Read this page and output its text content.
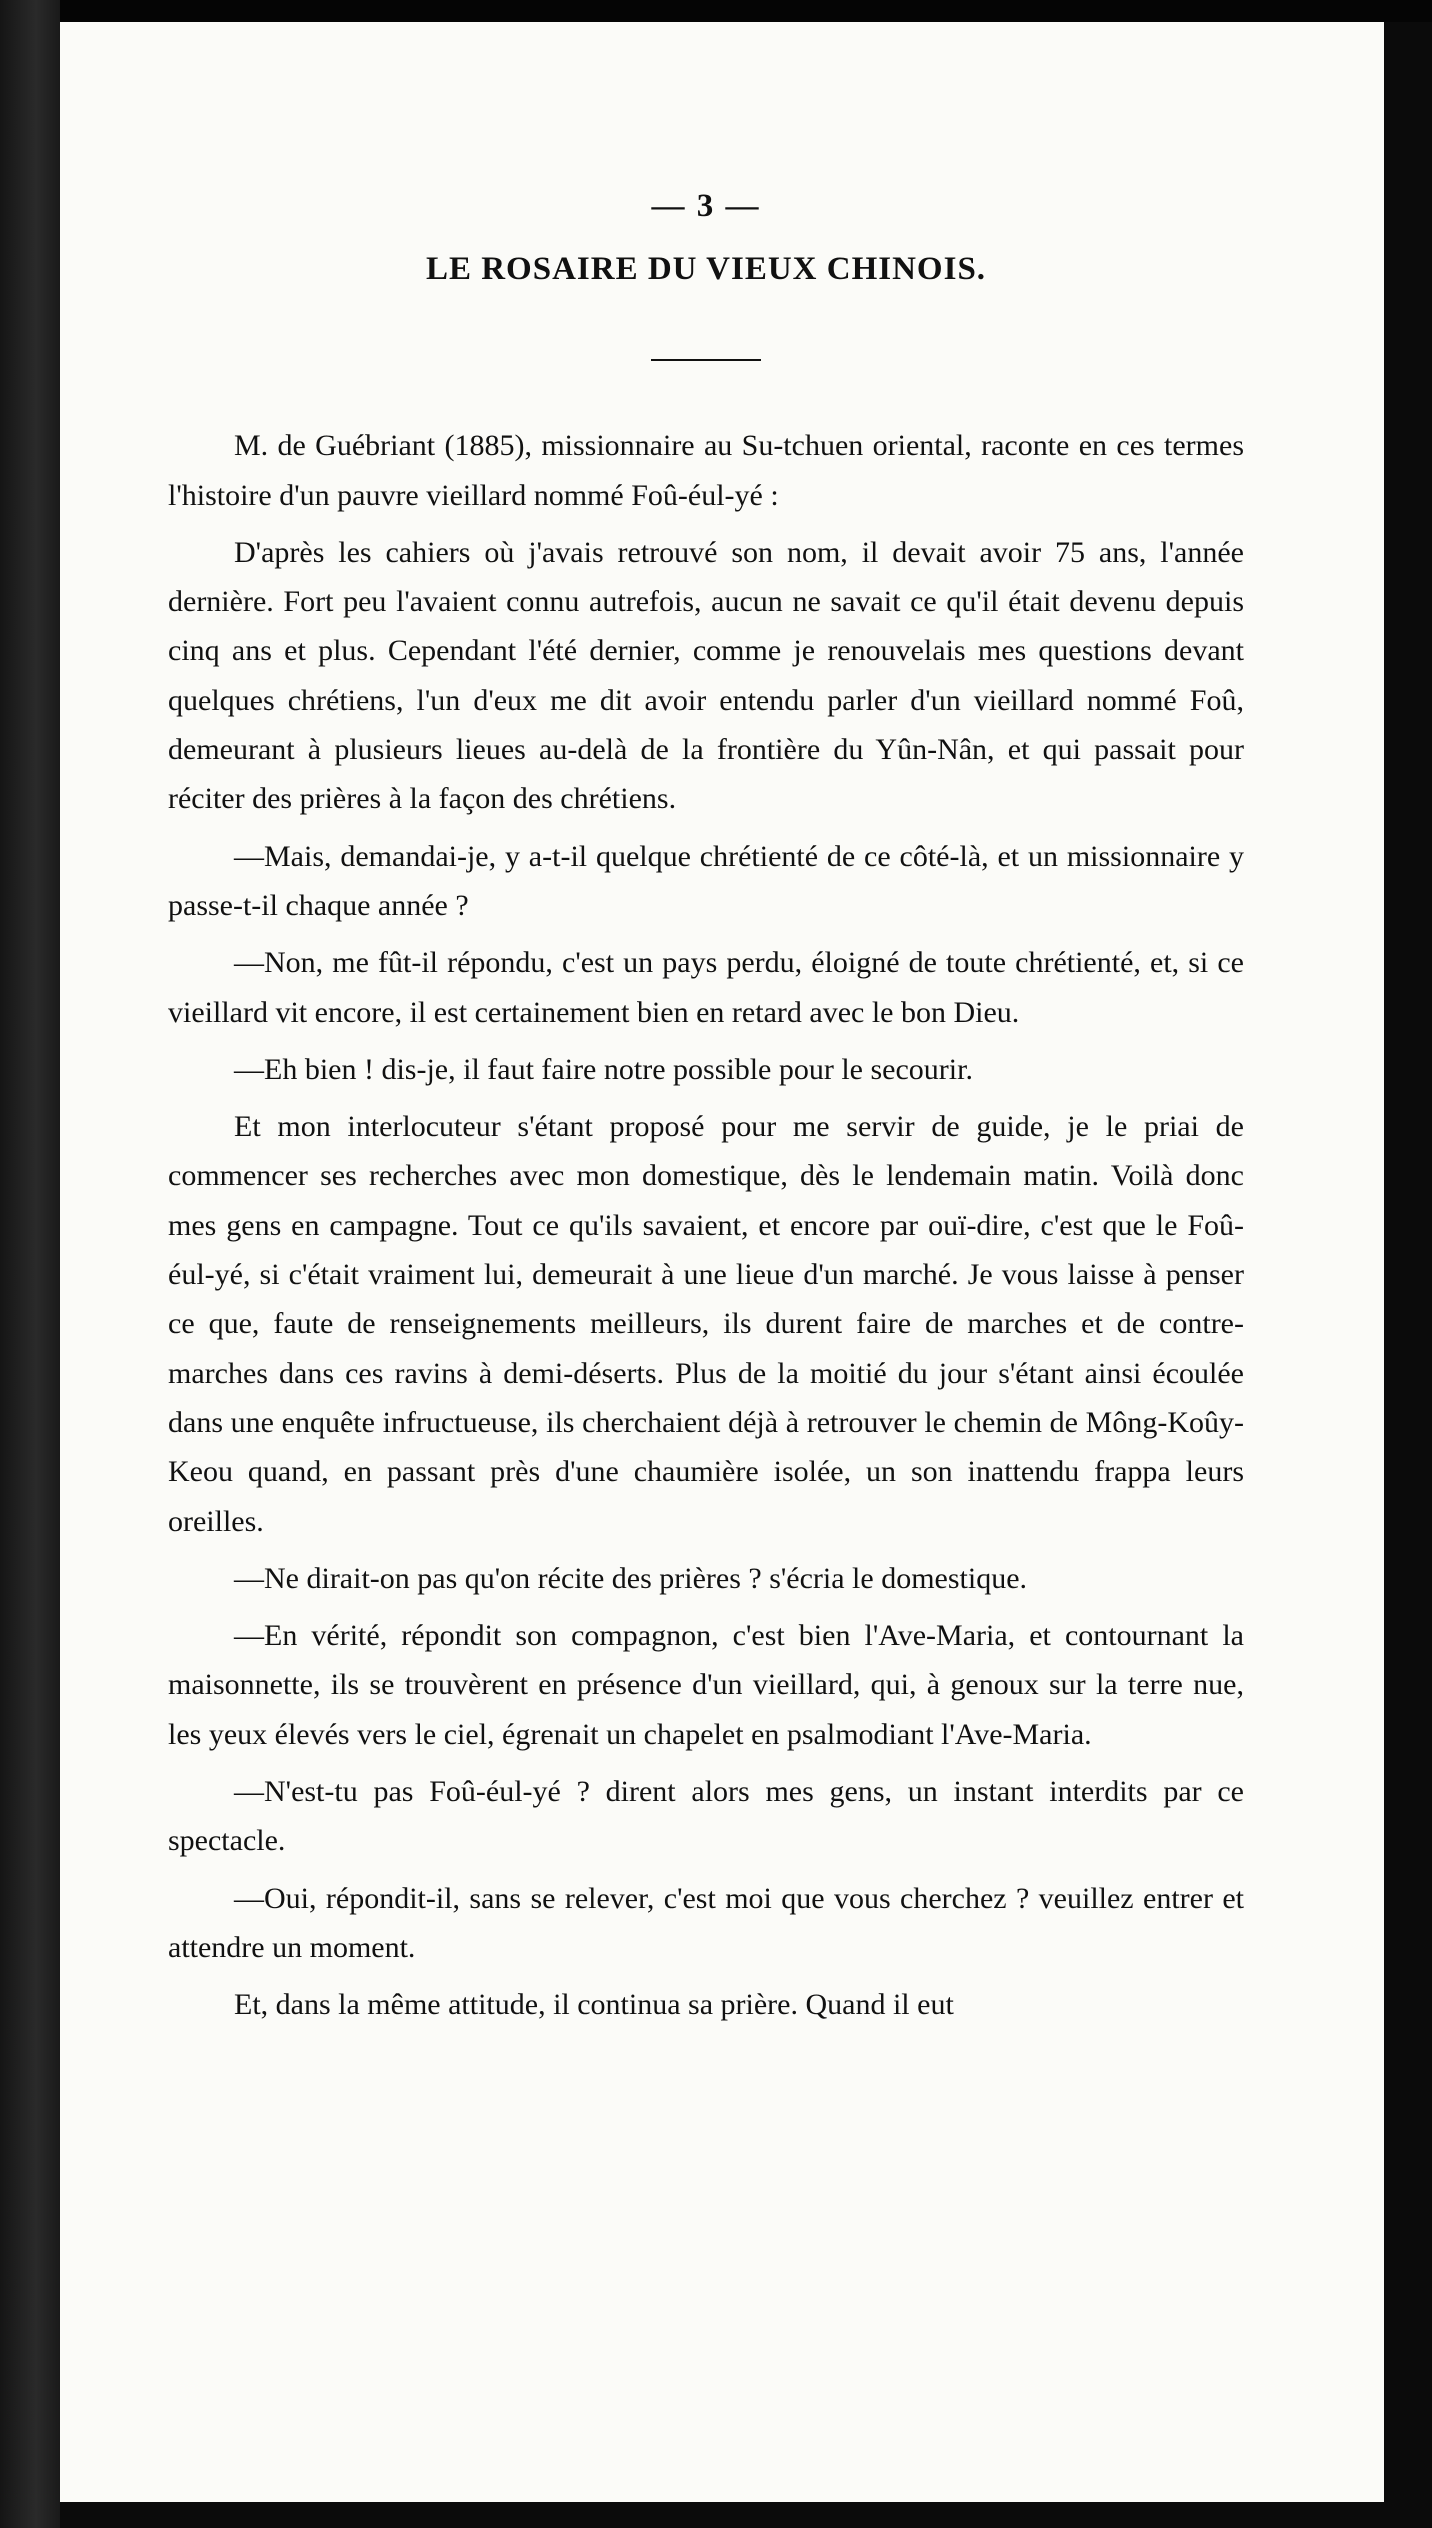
— 3 —
LE ROSAIRE DU VIEUX CHINOIS.

M. de Guébriant (1885), missionnaire au Su-tchuen oriental, raconte en ces termes l'histoire d'un pauvre vieillard nommé Foû-éul-yé :

D'après les cahiers où j'avais retrouvé son nom, il devait avoir 75 ans, l'année dernière. Fort peu l'avaient connu autrefois, aucun ne savait ce qu'il était devenu depuis cinq ans et plus. Cependant l'été dernier, comme je renouvelais mes questions devant quelques chrétiens, l'un d'eux me dit avoir entendu parler d'un vieillard nommé Foû, demeurant à plusieurs lieues au-delà de la frontière du Yûn-Nân, et qui passait pour réciter des prières à la façon des chrétiens.

—Mais, demandai-je, y a-t-il quelque chrétienté de ce côté-là, et un missionnaire y passe-t-il chaque année ?

—Non, me fût-il répondu, c'est un pays perdu, éloigné de toute chrétienté, et, si ce vieillard vit encore, il est certainement bien en retard avec le bon Dieu.

—Eh bien ! dis-je, il faut faire notre possible pour le secourir.

Et mon interlocuteur s'étant proposé pour me servir de guide, je le priai de commencer ses recherches avec mon domestique, dès le lendemain matin. Voilà donc mes gens en campagne. Tout ce qu'ils savaient, et encore par ouï-dire, c'est que le Foû-éul-yé, si c'était vraiment lui, demeurait à une lieue d'un marché. Je vous laisse à penser ce que, faute de renseignements meilleurs, ils durent faire de marches et de contre-marches dans ces ravins à demi-déserts. Plus de la moitié du jour s'étant ainsi écoulée dans une enquête infructueuse, ils cherchaient déjà à retrouver le chemin de Mông-Koûy-Keou quand, en passant près d'une chaumière isolée, un son inattendu frappa leurs oreilles.

—Ne dirait-on pas qu'on récite des prières ? s'écria le domestique.

—En vérité, répondit son compagnon, c'est bien l'Ave-Maria, et contournant la maisonnette, ils se trouvèrent en présence d'un vieillard, qui, à genoux sur la terre nue, les yeux élevés vers le ciel, égrenait un chapelet en psalmodiant l'Ave-Maria.

—N'est-tu pas Foû-éul-yé ? dirent alors mes gens, un instant interdits par ce spectacle.

—Oui, répondit-il, sans se relever, c'est moi que vous cherchez ? veuillez entrer et attendre un moment.

Et, dans la même attitude, il continua sa prière. Quand il eut
